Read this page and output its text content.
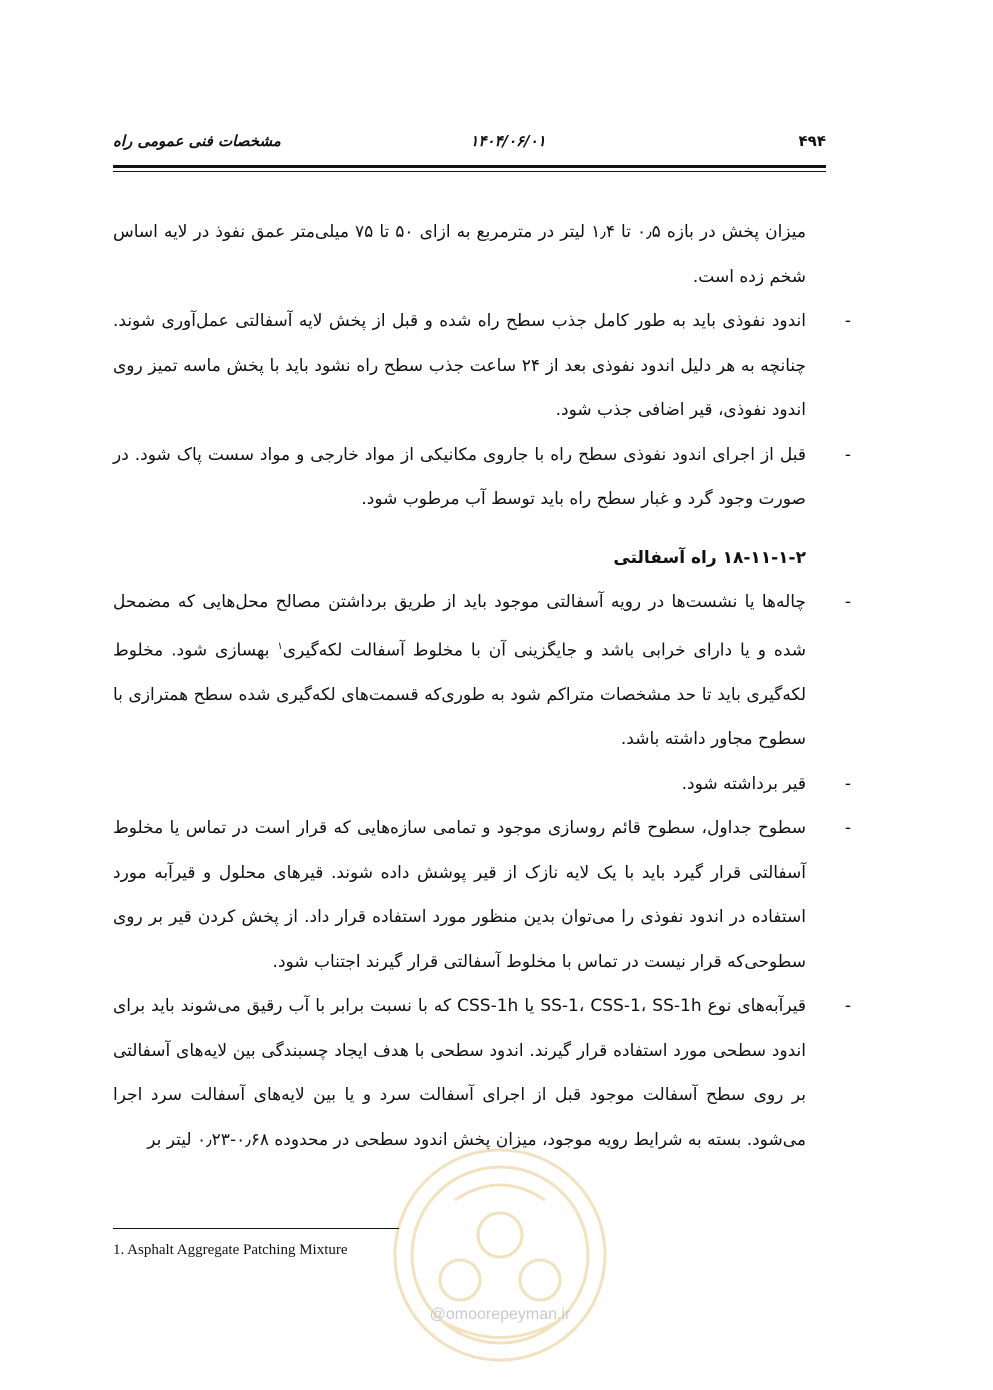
۴۹۴
۱۴۰۴/۰۶/۰۱
مشخصات فنی عمومی راه

میزان پخش در بازه ۰٫۵ تا ۱٫۴ لیتر در مترمربع به ازای ۵۰ تا ۷۵ میلی‌متر عمق نفوذ در لایه اساس شخم زده است.

-
اندود نفوذی باید به طور کامل جذب سطح راه شده و قبل از پخش لایه آسفالتی عمل‌آوری شوند. چنانچه به هر دلیل اندود نفوذی بعد از ۲۴ ساعت جذب سطح راه نشود باید با پخش ماسه تمیز روی اندود نفوذی، قیر اضافی جذب شود.
-
قبل از اجرای اندود نفوذی سطح راه با جاروی مکانیکی از مواد خارجی و مواد سست پاک شود. در صورت وجود گرد و غبار سطح راه باید توسط آب مرطوب شود.

۱۸-۱۱-۱-۲ راه آسفالتی

-
چاله‌ها یا نشست‌ها در رویه آسفالتی موجود باید از طریق برداشتن مصالح محل‌هایی که مضمحل شده و یا دارای خرابی باشد و جایگزینی آن با مخلوط آسفالت لکه‌گیری$^۱$ بهسازی شود. مخلوط لکه‌گیری باید تا حد مشخصات متراکم شود به طوری‌که قسمت‌های لکه‌گیری شده سطح همترازی با سطوح مجاور داشته باشد.
-
قیر برداشته شود.
-
سطوح جداول، سطوح قائم روسازی موجود و تمامی سازه‌هایی که قرار است در تماس یا مخلوط آسفالتی قرار گیرد باید با یک لایه نازک از قیر پوشش داده شوند. قیرهای محلول و قیرآبه مورد استفاده در اندود نفوذی را می‌توان بدین منظور مورد استفاده قرار داد. از پخش کردن قیر بر روی سطوحی‌که قرار نیست در تماس با مخلوط آسفالتی قرار گیرند اجتناب شود.
-
قیرآبه‌های نوع SS-1، CSS-1، SS-1h یا CSS-1h که با نسبت برابر با آب رقیق می‌شوند باید برای اندود سطحی مورد استفاده قرار گیرند. اندود سطحی با هدف ایجاد چسبندگی بین لایه‌های آسفالتی بر روی سطح آسفالت موجود قبل از اجرای آسفالت سرد و یا بین لایه‌های آسفالت سرد اجرا می‌شود. بسته به شرایط رویه موجود، میزان پخش اندود سطحی در محدوده ۰٫۶۸-۰٫۲۳ لیتر بر
@omoorepeyman.ir
1. Asphalt Aggregate Patching Mixture
